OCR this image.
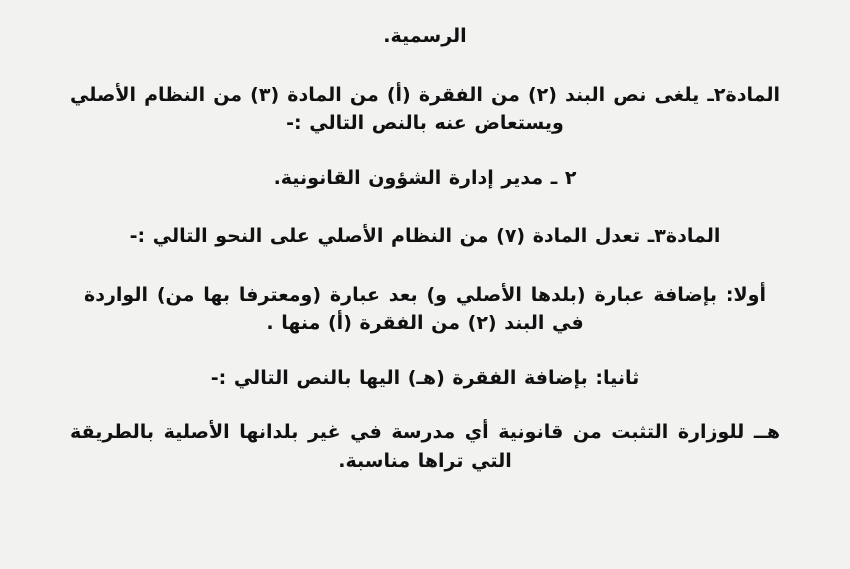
الرسمية.

المادة٢ـ يلغى نص البند (٢) من الفقرة (أ) من المادة (٣) من النظام الأصلي ويستعاض عنه بالنص التالي :-

٢ ـ مدير إدارة الشؤون القانونية.

المادة٣ـ تعدل المادة (٧) من النظام الأصلي على النحو التالي :-

أولا: بإضافة عبارة (بلدها الأصلي و) بعد عبارة (ومعترفا بها من) الواردة في البند (٢) من الفقرة (أ) منها .

ثانيا: بإضافة الفقرة (هـ) اليها بالنص التالي :-

هــ للوزارة التثبت من قانونية أي مدرسة في غير بلدانها الأصلية بالطريقة التي تراها مناسبة.
